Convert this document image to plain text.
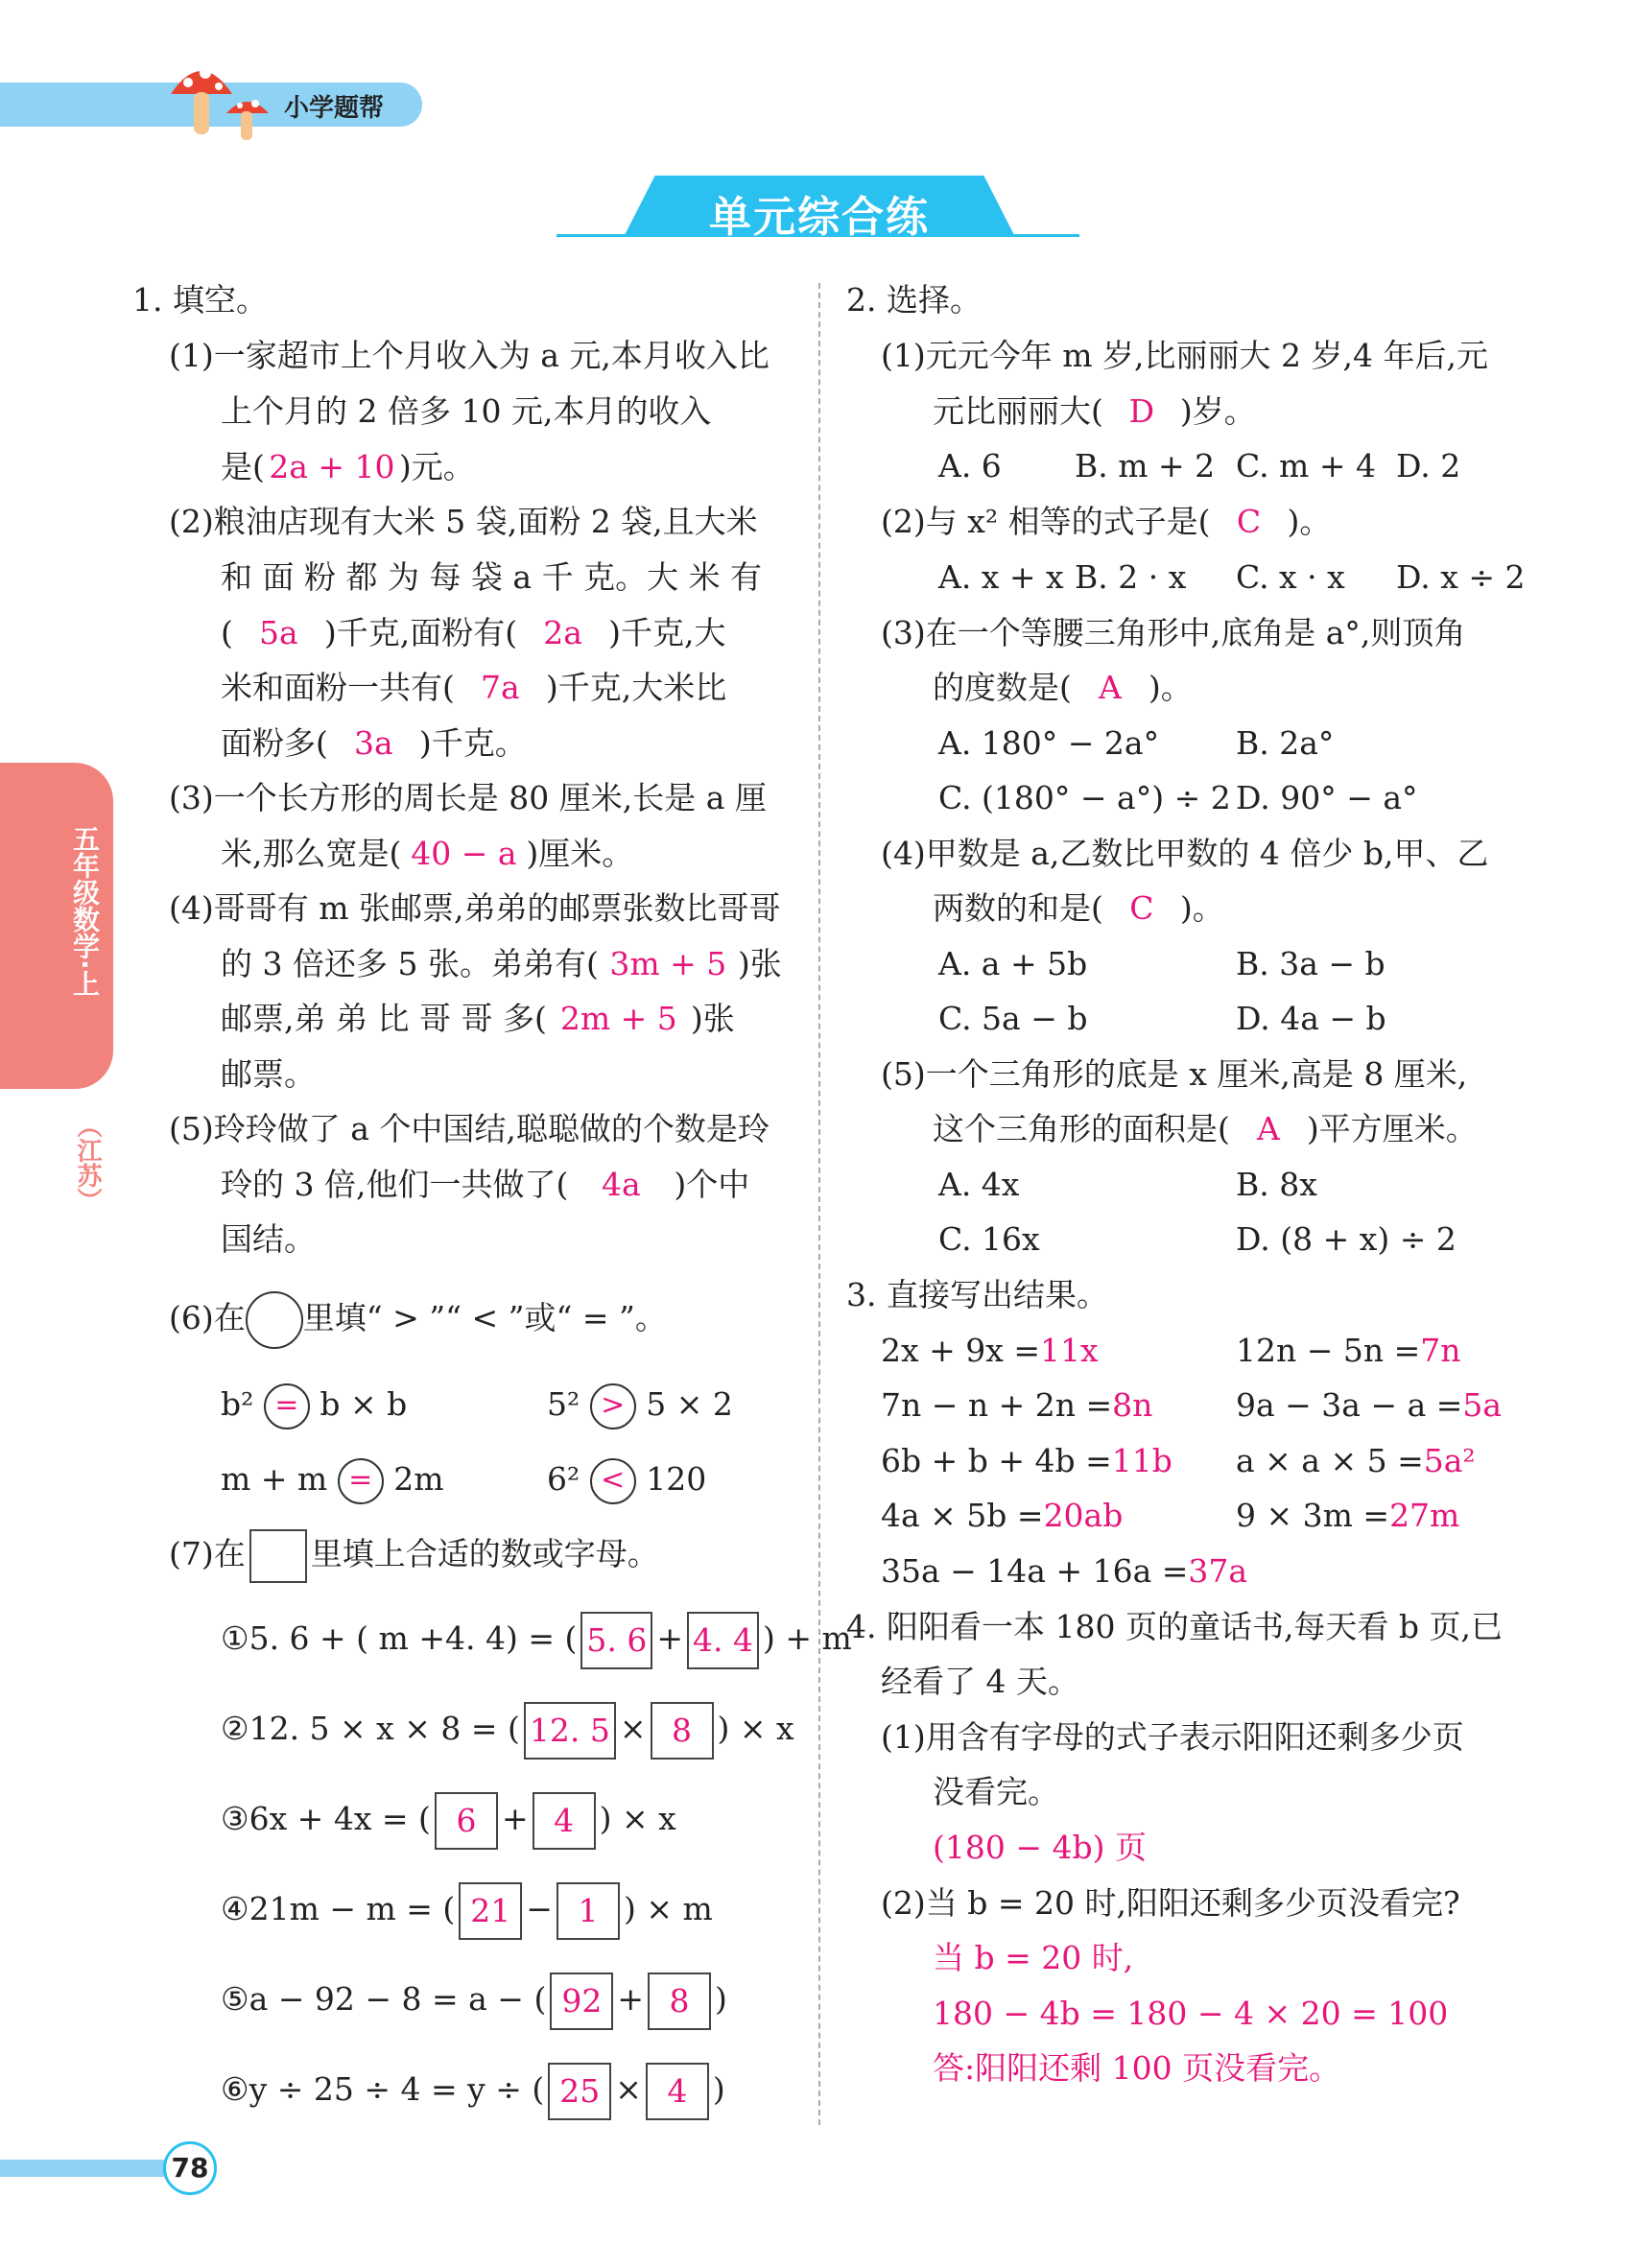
小学题帮
单元综合练
五年级数学·上
（江苏）
1. 填空。
(1)一家超市上个月收入为 a 元,本月收入比
上个月的 2 倍多 10 元,本月的收入
是( 2a + 10 )元。
(2)粮油店现有大米 5 袋,面粉 2 袋,且大米
和 面 粉 都 为 每 袋 a 千 克。大 米 有
( 5a )千克,面粉有( 2a )千克,大
米和面粉一共有( 7a )千克,大米比
面粉多( 3a )千克。
(3)一个长方形的周长是 80 厘米,长是 a 厘
米,那么宽是( 40 − a )厘米。
(4)哥哥有 m 张邮票,弟弟的邮票张数比哥哥
的 3 倍还多 5 张。弟弟有( 3m + 5 )张
邮票,弟 弟 比 哥 哥 多( 2m + 5 )张
邮票。
(5)玲玲做了 a 个中国结,聪聪做的个数是玲
玲的 3 倍,他们一共做了( 4a )个中
国结。
(6)在 里填“ > ”“ < ”或“ = ”。
b² = b × b	5² > 5 × 2
m + m = 2m	6² < 120
(7)在 里填上合适的数或字母。
①5. 6 + ( m +4. 4) = ( 5. 6 + 4. 4 ) + m
②12. 5 × x × 8 = ( 12. 5 × 8 ) × x
③6x + 4x = ( 6 + 4 ) × x
④21m − m = ( 21 − 1 ) × m
⑤a − 92 − 8 = a − ( 92 + 8 )
⑥y ÷ 25 ÷ 4 = y ÷ ( 25 × 4 )
2. 选择。
(1)元元今年 m 岁,比丽丽大 2 岁,4 年后,元
元比丽丽大( D )岁。
A. 6 B. m + 2 C. m + 4 D. 2
(2)与 x² 相等的式子是( C )。
A. x + x B. 2 · x C. x · x D. x ÷ 2
(3)在一个等腰三角形中,底角是 a°,则顶角
的度数是( A )。
A. 180° − 2a° B. 2a°
C. (180° − a°) ÷ 2 D. 90° − a°
(4)甲数是 a,乙数比甲数的 4 倍少 b,甲、乙
两数的和是( C )。
A. a + 5b	B. 3a − b
C. 5a − b	D. 4a − b
(5)一个三角形的底是 x 厘米,高是 8 厘米,
这个三角形的面积是( A )平方厘米。
A. 4x	B. 8x
C. 16x	D. (8 + x) ÷ 2
3. 直接写出结果。
2x + 9x =11x	12n − 5n =7n
7n − n + 2n =8n	9a − 3a − a =5a
6b + b + 4b =11b a × a × 5 =5a²
4a × 5b =20ab	9 × 3m =27m
35a − 14a + 16a =37a
4. 阳阳看一本 180 页的童话书,每天看 b 页,已
经看了 4 天。
(1)用含有字母的式子表示阳阳还剩多少页
没看完。
(180 − 4b) 页
(2)当 b = 20 时,阳阳还剩多少页没看完?
当 b = 20 时,
180 − 4b = 180 − 4 × 20 = 100
答:阳阳还剩 100 页没看完。
78
